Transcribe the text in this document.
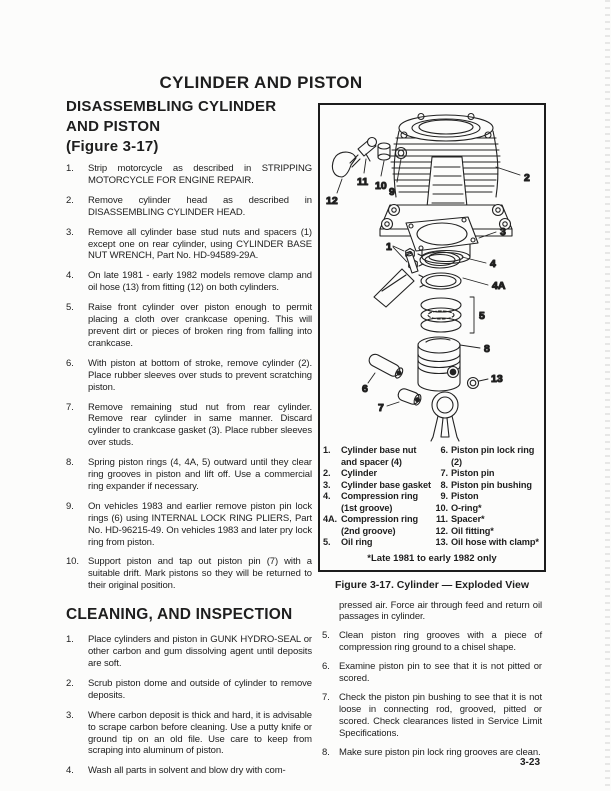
CYLINDER AND PISTON
DISASSEMBLING CYLINDER
AND PISTON
(Figure 3-17)
1.	Strip motorcycle as described in STRIPPING MOTORCYCLE FOR ENGINE REPAIR.
2.	Remove cylinder head as described in DISASSEMBLING CYLINDER HEAD.
3.	Remove all cylinder base stud nuts and spacers (1) except one on rear cylinder, using CYLINDER BASE NUT WRENCH, Part No. HD-94589-29A.
4.	On late 1981 - early 1982 models remove clamp and oil hose (13) from fitting (12) on both cylinders.
5.	Raise front cylinder over piston enough to permit placing a cloth over crankcase opening. This will prevent dirt or pieces of broken ring from falling into crankcase.
6.	With piston at bottom of stroke, remove cylinder (2). Place rubber sleeves over studs to prevent scratching piston.
7.	Remove remaining stud nut from rear cylinder. Remove rear cylinder in same manner. Discard cylinder to crankcase gasket (3). Place rubber sleeves over studs.
8.	Spring piston rings (4, 4A, 5) outward until they clear ring grooves in piston and lift off. Use a commercial ring expander if necessary.
9.	On vehicles 1983 and earlier remove piston pin lock rings (6) using INTERNAL LOCK RING PLIERS, Part No. HD-96215-49. On vehicles 1983 and later pry lock ring from piston.
10. Support piston and tap out piston pin (7) with a suitable drift. Mark pistons so they will be returned to their original position.
CLEANING, AND INSPECTION
1.	Place cylinders and piston in GUNK HYDRO-SEAL or other carbon and gum dissolving agent until deposits are soft.
2.	Scrub piston dome and outside of cylinder to remove deposits.
3.	Where carbon deposit is thick and hard, it is advisable to scrape carbon before cleaning. Use a putty knife or ground tip on an old file. Use care to keep from scraping into aluminum of piston.
4.	Wash all parts in solvent and blow dry with com-
2
12
11 10 9
3
1
4
4A
5
8
6
7
13
1.	Cylinder base nut and spacer (4)
2.	Cylinder
3.	Cylinder base gasket
4.	Compression ring (1st groove)
4A. Compression ring (2nd groove)
5.	Oil ring
6. Piston pin lock ring (2)
7. Piston pin
8. Piston pin bushing
9. Piston
10. O-ring*
11. Spacer*
12. Oil fitting*
13. Oil hose with clamp*
*Late 1981 to early 1982 only
Figure 3-17. Cylinder — Exploded View
pressed air. Force air through feed and return oil passages in cylinder.
5. Clean piston ring grooves with a piece of compression ring ground to a chisel shape.
6. Examine piston pin to see that it is not pitted or scored.
7. Check the piston pin bushing to see that it is not loose in connecting rod, grooved, pitted or scored. Check clearances listed in Service Limit Specifications.
8. Make sure piston pin lock ring grooves are clean.
3-23
